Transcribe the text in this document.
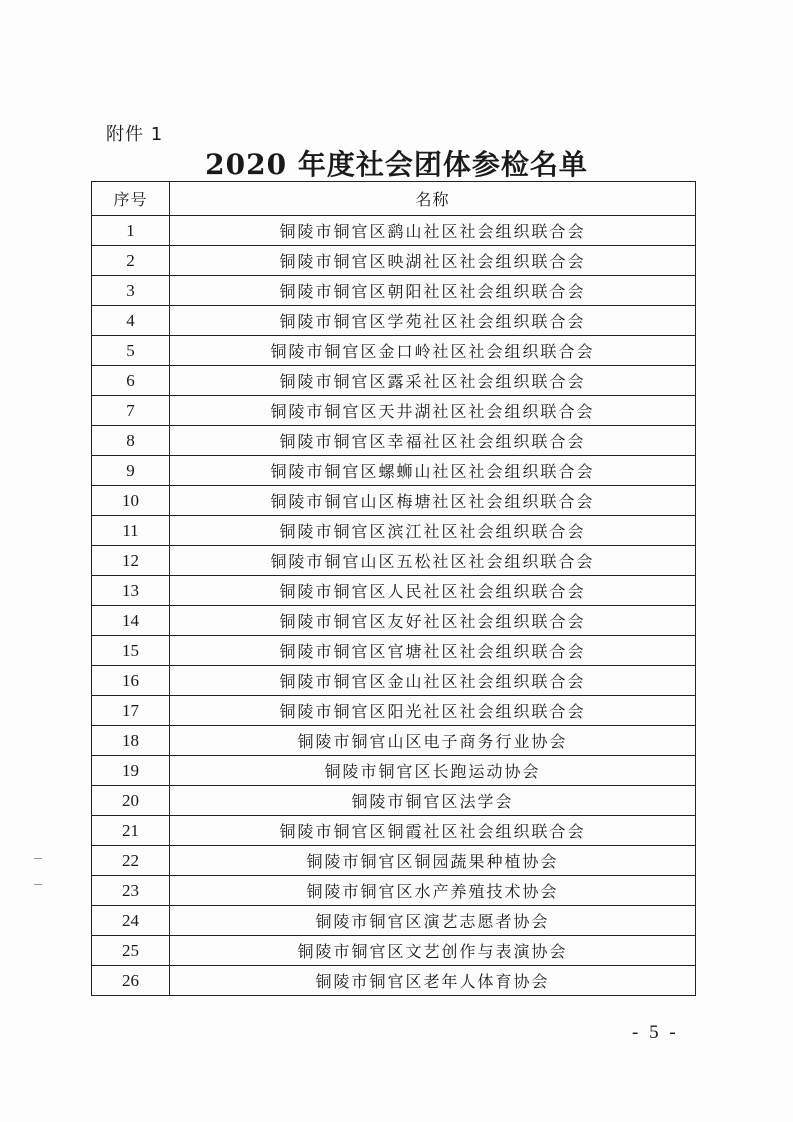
附件 1
2020 年度社会团体参检名单
序号	名称
1	铜陵市铜官区鹞山社区社会组织联合会
2	铜陵市铜官区映湖社区社会组织联合会
3	铜陵市铜官区朝阳社区社会组织联合会
4	铜陵市铜官区学苑社区社会组织联合会
5	铜陵市铜官区金口岭社区社会组织联合会
6	铜陵市铜官区露采社区社会组织联合会
7	铜陵市铜官区天井湖社区社会组织联合会
8	铜陵市铜官区幸福社区社会组织联合会
9	铜陵市铜官区螺蛳山社区社会组织联合会
10	铜陵市铜官山区梅塘社区社会组织联合会
11	铜陵市铜官区滨江社区社会组织联合会
12	铜陵市铜官山区五松社区社会组织联合会
13	铜陵市铜官区人民社区社会组织联合会
14	铜陵市铜官区友好社区社会组织联合会
15	铜陵市铜官区官塘社区社会组织联合会
16	铜陵市铜官区金山社区社会组织联合会
17	铜陵市铜官区阳光社区社会组织联合会
18	铜陵市铜官山区电子商务行业协会
19	铜陵市铜官区长跑运动协会
20	铜陵市铜官区法学会
21	铜陵市铜官区铜霞社区社会组织联合会
22	铜陵市铜官区铜园蔬果种植协会
23	铜陵市铜官区水产养殖技术协会
24	铜陵市铜官区演艺志愿者协会
25	铜陵市铜官区文艺创作与表演协会
26	铜陵市铜官区老年人体育协会
- 5 -
